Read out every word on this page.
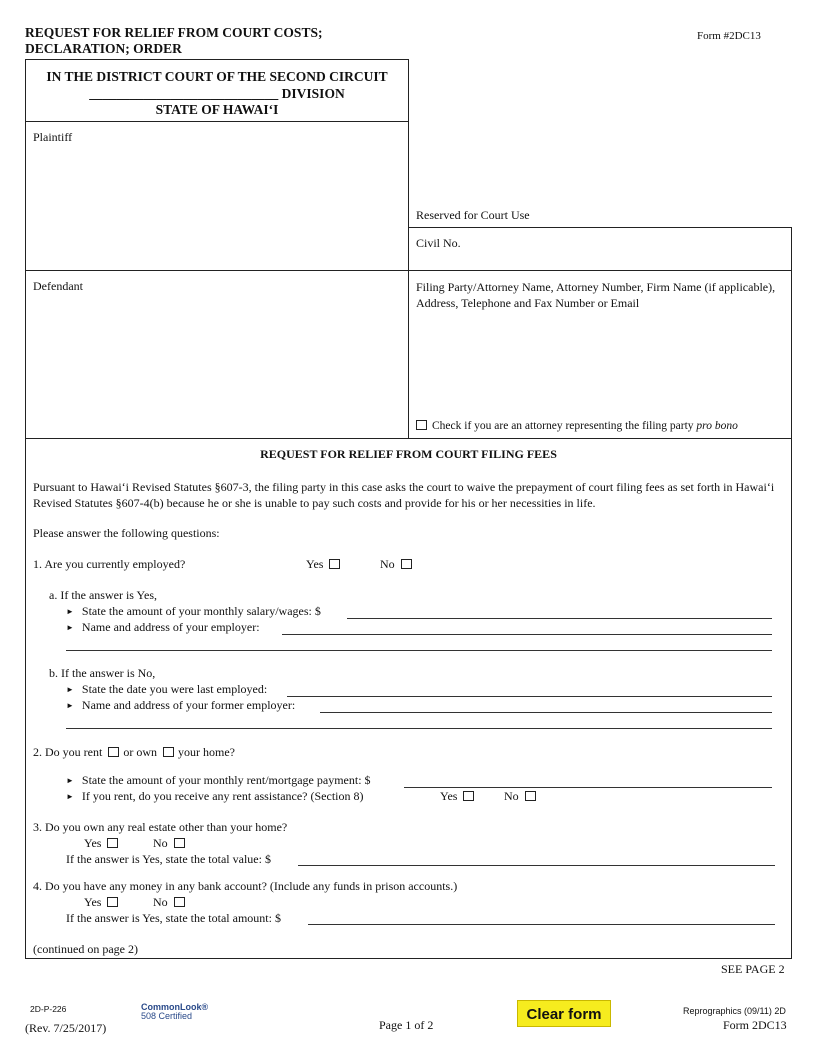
REQUEST FOR RELIEF FROM COURT COSTS;
DECLARATION; ORDER
Form #2DC13
IN THE DISTRICT COURT OF THE SECOND CIRCUIT
____________________________ DIVISION
STATE OF HAWAI‘I
Plaintiff
Reserved for Court Use
Civil No.
Defendant	Filing Party/Attorney Name, Attorney Number, Firm Name (if applicable), Address, Telephone and Fax Number or Email
Check if you are an attorney representing the filing party pro bono
REQUEST FOR RELIEF FROM COURT FILING FEES
Pursuant to Hawai‘i Revised Statutes §607-3, the filing party in this case asks the court to waive the prepayment of court filing fees as set forth in Hawai‘i Revised Statutes §607-4(b) because he or she is unable to pay such costs and provide for his or her necessities in life.
Please answer the following questions:
1. Are you currently employed?	Yes	No
a. If the answer is Yes,
► State the amount of your monthly salary/wages: $
► Name and address of your employer:
b. If the answer is No,
► State the date you were last employed:
► Name and address of your former employer:
2. Do you rent or own your home?
► State the amount of your monthly rent/mortgage payment: $
► If you rent, do you receive any rent assistance? (Section 8)	Yes	No
3. Do you own any real estate other than your home?
Yes	No
If the answer is Yes, state the total value: $
4. Do you have any money in any bank account? (Include any funds in prison accounts.)
Yes	No
If the answer is Yes, state the total amount: $
(continued on page 2)
SEE PAGE 2
2D-P-226	CommonLook®
508 Certified	Clear form	Reprographics (09/11) 2D
(Rev. 7/25/2017)	Page 1 of 2	Form 2DC13
